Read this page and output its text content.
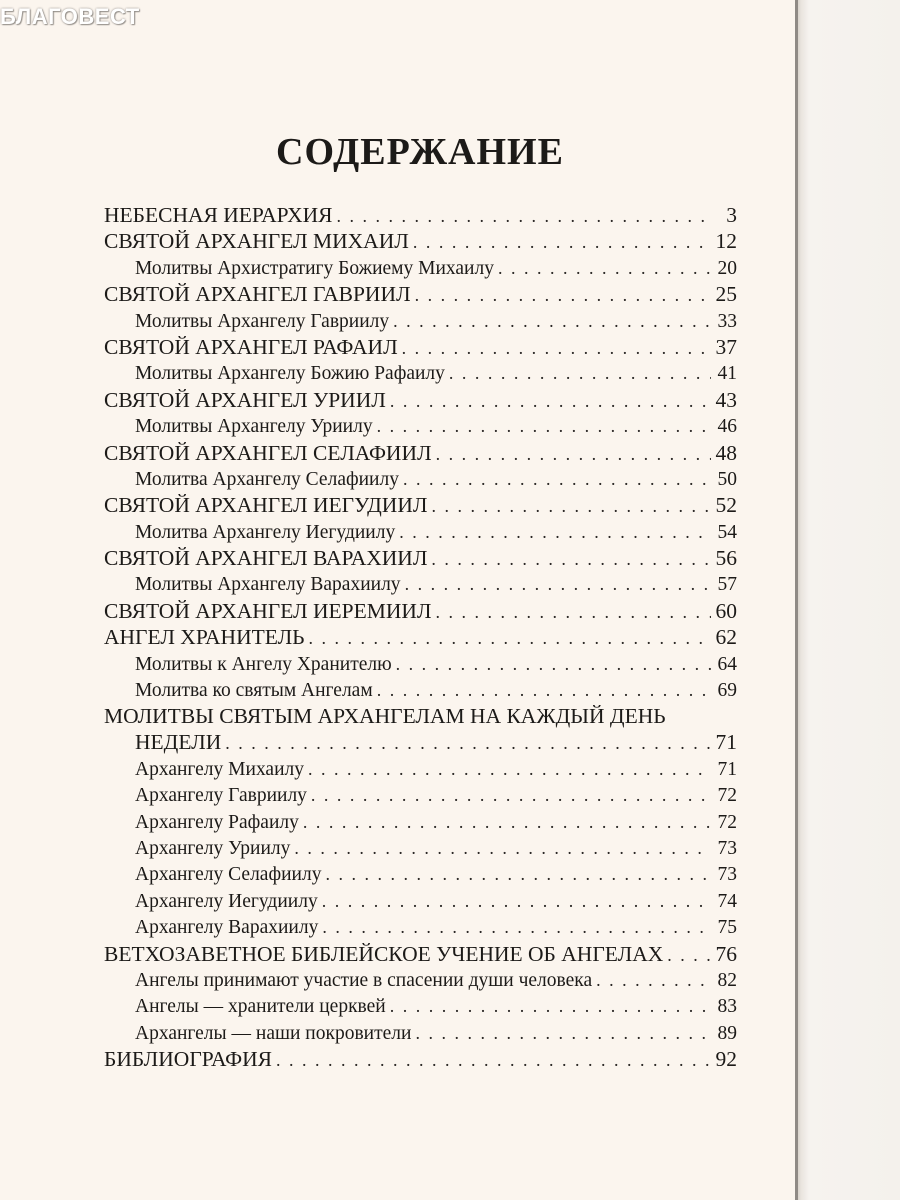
БЛАГОВЕСТ
СОДЕРЖАНИЕ
НЕБЕСНАЯ ИЕРАРХИЯ . . .	3
СВЯТОЙ АРХАНГЕЛ МИХАИЛ . . .	12
Молитвы Архистратигу Божиему Михаилу . . .	20
СВЯТОЙ АРХАНГЕЛ ГАВРИИЛ . . .	25
Молитвы Архангелу Гавриилу . . .	33
СВЯТОЙ АРХАНГЕЛ РАФАИЛ . . .	37
Молитвы Архангелу Божию Рафаилу . . .	41
СВЯТОЙ АРХАНГЕЛ УРИИЛ . . .	43
Молитвы Архангелу Уриилу . . .	46
СВЯТОЙ АРХАНГЕЛ СЕЛАФИИЛ . . .	48
Молитва Архангелу Селафиилу . . .	50
СВЯТОЙ АРХАНГЕЛ ИЕГУДИИЛ . . .	52
Молитва Архангелу Иегудиилу . . .	54
СВЯТОЙ АРХАНГЕЛ ВАРАХИИЛ . . .	56
Молитвы Архангелу Варахиилу . . .	57
СВЯТОЙ АРХАНГЕЛ ИЕРЕМИИЛ . . .	60
АНГЕЛ ХРАНИТЕЛЬ . . .	62
Молитвы к Ангелу Хранителю . . .	64
Молитва ко святым Ангелам . . .	69
МОЛИТВЫ СВЯТЫМ АРХАНГЕЛАМ НА КАЖДЫЙ ДЕНЬ
НЕДЕЛИ . . .	71
Архангелу Михаилу . . .	71
Архангелу Гавриилу . . .	72
Архангелу Рафаилу . . .	72
Архангелу Уриилу . . .	73
Архангелу Селафиилу . . .	73
Архангелу Иегудиилу . . .	74
Архангелу Варахиилу . . .	75
ВЕТХОЗАВЕТНОЕ БИБЛЕЙСКОЕ УЧЕНИЕ ОБ АНГЕЛАХ . . . 76
Ангелы принимают участие в спасении души человека . . .	82
Ангелы — хранители церквей . . .	83
Архангелы — наши покровители . . .	89
БИБЛИОГРАФИЯ . . .	92
